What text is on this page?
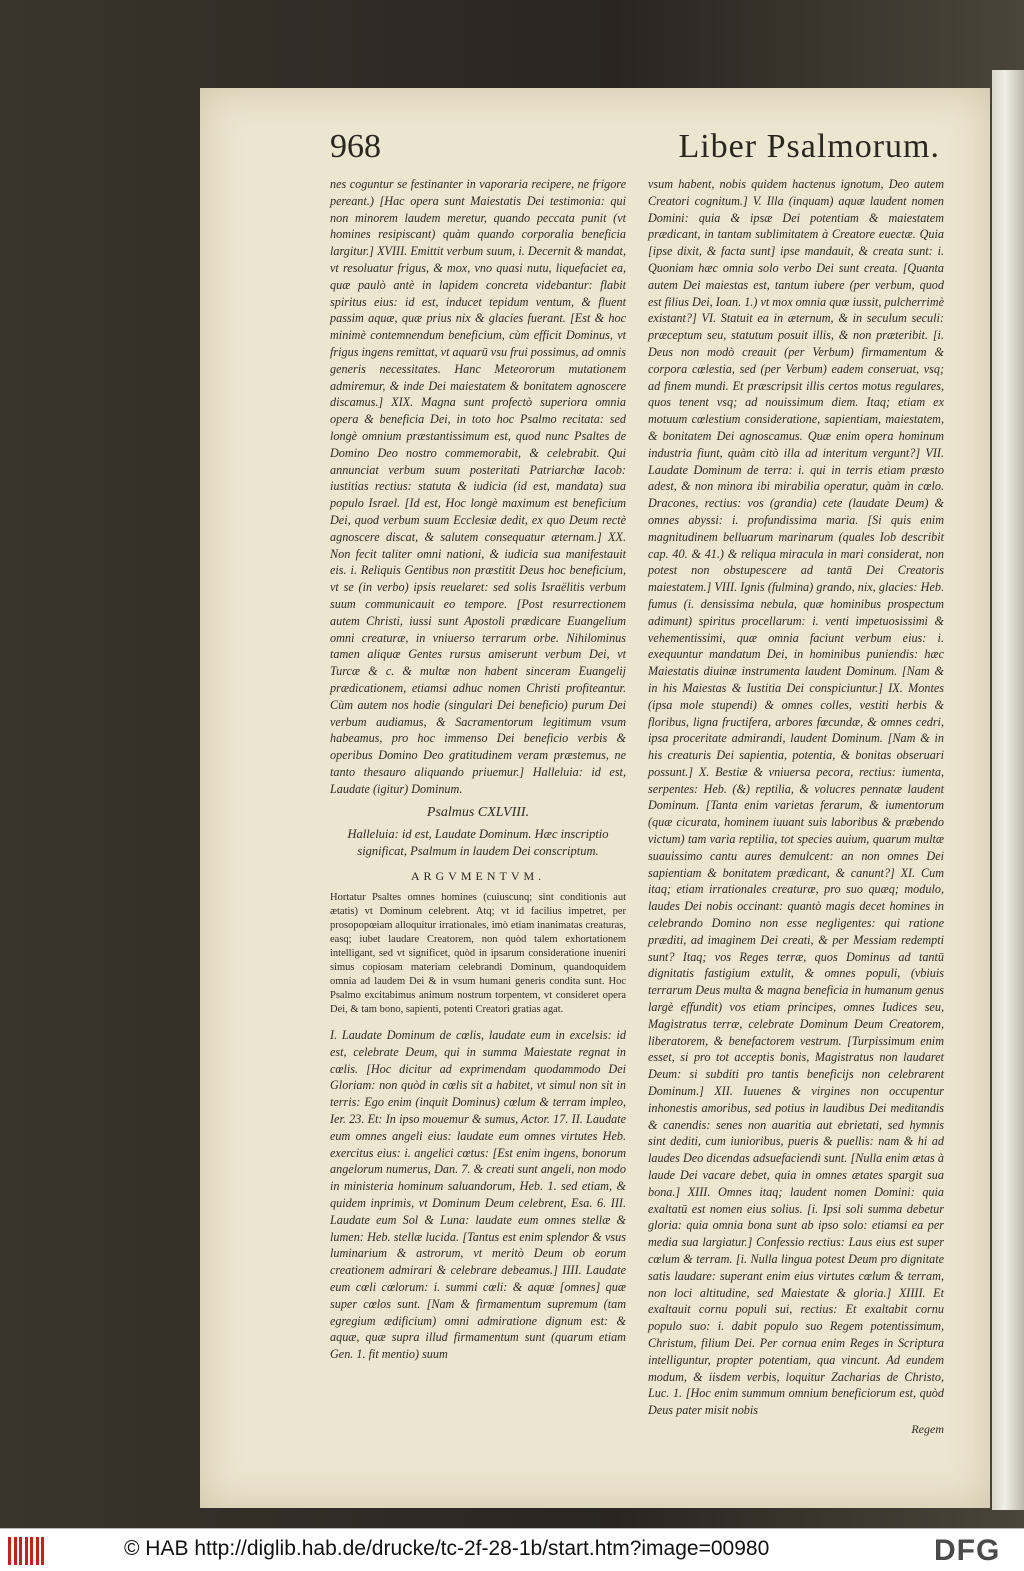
968	Liber Psalmorum.

nes coguntur se festinanter in vaporaria recipere, ne frigore pereant.) [Hac opera sunt Maiestatis Dei testimonia: qui non minorem laudem meretur, quando peccata punit (vt homines resipiscant) quàm quando corporalia beneficia largitur.] XVIII. Emittit verbum suum, i. Decernit & mandat, vt resoluatur frigus, & mox, vno quasi nutu, liquefaciet ea, quæ paulò antè in lapidem concreta videbantur: flabit spiritus eius: id est, inducet tepidum ventum, & fluent passim aquæ, quæ prius nix & glacies fuerant. [Est & hoc minimè contemnendum beneficium, cùm efficit Dominus, vt frigus ingens remittat, vt aquarū vsu frui possimus, ad omnis generis necessitates. Hanc Meteororum mutationem admiremur, & inde Dei maiestatem & bonitatem agnoscere discamus.] XIX. Magna sunt profectò superiora omnia opera & beneficia Dei, in toto hoc Psalmo recitata: sed longè omnium præstantissimum est, quod nunc Psaltes de Domino Deo nostro commemorabit, & celebrabit. Qui annunciat verbum suum posteritati Patriarchæ Iacob: iustitias rectius: statuta & iudicia (id est, mandata) sua populo Israel. [Id est, Hoc longè maximum est beneficium Dei, quod verbum suum Ecclesiæ dedit, ex quo Deum rectè agnoscere discat, & salutem consequatur æternam.] XX. Non fecit taliter omni nationi, & iudicia sua manifestauit eis. i. Reliquis Gentibus non præstitit Deus hoc beneficium, vt se (in verbo) ipsis reuelaret: sed solis Israëlitis verbum suum communicauit eo tempore. [Post resurrectionem autem Christi, iussi sunt Apostoli prædicare Euangelium omni creaturæ, in vniuerso terrarum orbe. Nihilominus tamen aliquæ Gentes rursus amiserunt verbum Dei, vt Turcæ & c. & multæ non habent sinceram Euangelij prædicationem, etiamsi adhuc nomen Christi profiteantur. Cùm autem nos hodie (singulari Dei beneficio) purum Dei verbum audiamus, & Sacramentorum legitimum vsum habeamus, pro hoc immenso Dei beneficio verbis & operibus Domino Deo gratitudinem veram præstemus, ne tanto thesauro aliquando priuemur.] Halleluia: id est, Laudate (igitur) Dominum.

Psalmus CXLVIII.
Halleluia: id est, Laudate Dominum. Hæc inscriptio significat, Psalmum in laudem Dei conscriptum.
ARGVMENTVM.
Hortatur Psaltes omnes homines (cuiuscunq; sint conditionis aut ætatis) vt Dominum celebrent. Atq; vt id facilius impetret, per prosopopœiam alloquitur irrationales, imò etiam inanimatas creaturas, easq; iubet laudare Creatorem, non quòd talem exhortationem intelligant, sed vt significet, quòd in ipsarum consideratione inueniri simus copiosam materiam celebrandi Dominum, quandoquidem omnia ad laudem Dei & in vsum humani generis condita sunt. Hoc Psalmo excitabimus animum nostrum torpentem, vt consideret opera Dei, & tam bono, sapienti, potenti Creatori gratias agat.

I. Laudate Dominum de cœlis, laudate eum in excelsis: id est, celebrate Deum, qui in summa Maiestate regnat in cœlis. [Hoc dicitur ad exprimendam quodammodo Dei Gloriam: non quòd in cœlis sit a habitet, vt simul non sit in terris: Ego enim (inquit Dominus) cœlum & terram impleo, Ier. 23. Et: In ipso mouemur & sumus, Actor. 17. II. Laudate eum omnes angeli eius: laudate eum omnes virtutes Heb. exercitus eius: i. angelici cœtus: [Est enim ingens, bonorum angelorum numerus, Dan. 7. & creati sunt angeli, non modo in ministeria hominum saluandorum, Heb. 1. sed etiam, & quidem inprimis, vt Dominum Deum celebrent, Esa. 6. III. Laudate eum Sol & Luna: laudate eum omnes stellæ & lumen: Heb. stellæ lucida. [Tantus est enim splendor & vsus luminarium & astrorum, vt meritò Deum ob eorum creationem admirari & celebrare debeamus.] IIII. Laudate eum cœli cœlorum: i. summi cœli: & aquæ [omnes] quæ super cœlos sunt. [Nam & firmamentum supremum (tam egregium ædificium) omni admiratione dignum est: & aquæ, quæ supra illud firmamentum sunt (quarum etiam Gen. 1. fit mentio) suum

vsum habent, nobis quidem hactenus ignotum, Deo autem Creatori cognitum.] V. Illa (inquam) aquæ laudent nomen Domini: quia & ipsæ Dei potentiam & maiestatem prædicant, in tantam sublimitatem à Creatore euectæ. Quia [ipse dixit, & facta sunt] ipse mandauit, & creata sunt: i. Quoniam hæc omnia solo verbo Dei sunt creata. [Quanta autem Dei maiestas est, tantum iubere (per verbum, quod est filius Dei, Ioan. 1.) vt mox omnia quæ iussit, pulcherrimè existant?] VI. Statuit ea in æternum, & in seculum seculi: præceptum seu, statutum posuit illis, & non præteribit. [i. Deus non modò creauit (per Verbum) firmamentum & corpora cœlestia, sed (per Verbum) eadem conseruat, vsq; ad finem mundi. Et præscripsit illis certos motus regulares, quos tenent vsq; ad nouissimum diem. Itaq; etiam ex motuum cœlestium consideratione, sapientiam, maiestatem, & bonitatem Dei agnoscamus. Quæ enim opera hominum industria fiunt, quàm citò illa ad interitum vergunt?] VII. Laudate Dominum de terra: i. qui in terris etiam præsto adest, & non minora ibi mirabilia operatur, quàm in cœlo. Dracones, rectius: vos (grandia) cete (laudate Deum) & omnes abyssi: i. profundissima maria. [Si quis enim magnitudinem belluarum marinarum (quales Iob describit cap. 40. & 41.) & reliqua miracula in mari considerat, non potest non obstupescere ad tantā Dei Creatoris maiestatem.] VIII. Ignis (fulmina) grando, nix, glacies: Heb. fumus (i. densissima nebula, quæ hominibus prospectum adimunt) spiritus procellarum: i. venti impetuosissimi & vehementissimi, quæ omnia faciunt verbum eius: i. exequuntur mandatum Dei, in hominibus puniendis: hæc Maiestatis diuinæ instrumenta laudent Dominum. [Nam & in his Maiestas & Iustitia Dei conspiciuntur.] IX. Montes (ipsa mole stupendi) & omnes colles, vestiti herbis & floribus, ligna fructifera, arbores fœcundæ, & omnes cedri, ipsa proceritate admirandi, laudent Dominum. [Nam & in his creaturis Dei sapientia, potentia, & bonitas obseruari possunt.] X. Bestiæ & vniuersa pecora, rectius: iumenta, serpentes: Heb. (&) reptilia, & volucres pennatæ laudent Dominum. [Tanta enim varietas ferarum, & iumentorum (quæ cicurata, hominem iuuant suis laboribus & præbendo victum) tam varia reptilia, tot species auium, quarum multæ suauissimo cantu aures demulcent: an non omnes Dei sapientiam & bonitatem prædicant, & canunt?] XI. Cum itaq; etiam irrationales creaturæ, pro suo quæq; modulo, laudes Dei nobis occinant: quantò magis decet homines in celebrando Domino non esse negligentes: qui ratione præditi, ad imaginem Dei creati, & per Messiam redempti sunt? Itaq; vos Reges terræ, quos Dominus ad tantū dignitatis fastigium extulit, & omnes populi, (vbiuis terrarum Deus multa & magna beneficia in humanum genus largè effundit) vos etiam principes, omnes Iudices seu, Magistratus terræ, celebrate Dominum Deum Creatorem, liberatorem, & benefactorem vestrum. [Turpissimum enim esset, si pro tot acceptis bonis, Magistratus non laudaret Deum: si subditi pro tantis beneficijs non celebrarent Dominum.] XII. Iuuenes & virgines non occupentur inhonestis amoribus, sed potius in laudibus Dei meditandis & canendis: senes non auaritia aut ebrietati, sed hymnis sint dediti, cum iunioribus, pueris & puellis: nam & hi ad laudes Deo dicendas adsuefaciendi sunt. [Nulla enim ætas à laude Dei vacare debet, quia in omnes ætates spargit sua bona.] XIII. Omnes itaq; laudent nomen Domini: quia exaltatū est nomen eius solius. [i. Ipsi soli summa debetur gloria: quia omnia bona sunt ab ipso solo: etiamsi ea per media sua largiatur.] Confessio rectius: Laus eius est super cœlum & terram. [i. Nulla lingua potest Deum pro dignitate satis laudare: superant enim eius virtutes cœlum & terram, non loci altitudine, sed Maiestate & gloria.] XIIII. Et exaltauit cornu populi sui, rectius: Et exaltabit cornu populo suo: i. dabit populo suo Regem potentissimum, Christum, filium Dei. Per cornua enim Reges in Scriptura intelliguntur, propter potentiam, qua vincunt. Ad eundem modum, & iisdem verbis, loquitur Zacharias de Christo, Luc. 1. [Hoc enim summum omnium beneficiorum est, quòd Deus pater misit nobis

Regem
© HAB http://diglib.hab.de/drucke/tc-2f-28-1b/start.htm?image=00980	DFG
